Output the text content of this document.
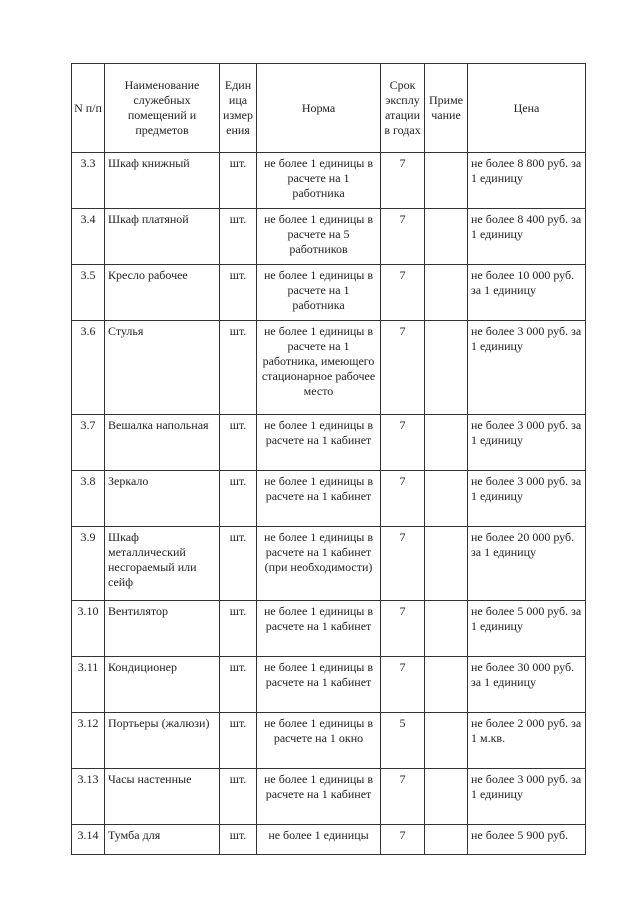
N п/п	Наименование служебных помещений и предметов	Единица измерения	Норма	Срок эксплуатации в годах	Примечание	Цена
3.3	Шкаф книжный	шт.	не более 1 единицы в расчете на 1 работника	7		не более 8 800 руб. за 1 единицу
3.4	Шкаф платяной	шт.	не более 1 единицы в расчете на 5 работников	7		не более 8 400 руб. за 1 единицу
3.5	Кресло рабочее	шт.	не более 1 единицы в расчете на 1 работника	7		не более 10 000 руб. за 1 единицу
3.6	Стулья	шт.	не более 1 единицы в расчете на 1 работника, имеющего стационарное рабочее место	7		не более 3 000 руб. за 1 единицу
3.7	Вешалка напольная	шт.	не более 1 единицы в расчете на 1 кабинет	7		не более 3 000 руб. за 1 единицу
3.8	Зеркало	шт.	не более 1 единицы в расчете на 1 кабинет	7		не более 3 000 руб. за 1 единицу
3.9	Шкаф металлический несгораемый или сейф	шт.	не более 1 единицы в расчете на 1 кабинет (при необходимости)	7		не более 20 000 руб. за 1 единицу
3.10	Вентилятор	шт.	не более 1 единицы в расчете на 1 кабинет	7		не более 5 000 руб. за 1 единицу
3.11	Кондиционер	шт.	не более 1 единицы в расчете на 1 кабинет	7		не более 30 000 руб. за 1 единицу
3.12	Портьеры (жалюзи)	шт.	не более 1 единицы в расчете на 1 окно	5		не более 2 000 руб. за 1 м.кв.
3.13	Часы настенные	шт.	не более 1 единицы в расчете на 1 кабинет	7		не более 3 000 руб. за 1 единицу
3.14	Тумба для	шт.	не более 1 единицы	7		не более 5 900 руб.
